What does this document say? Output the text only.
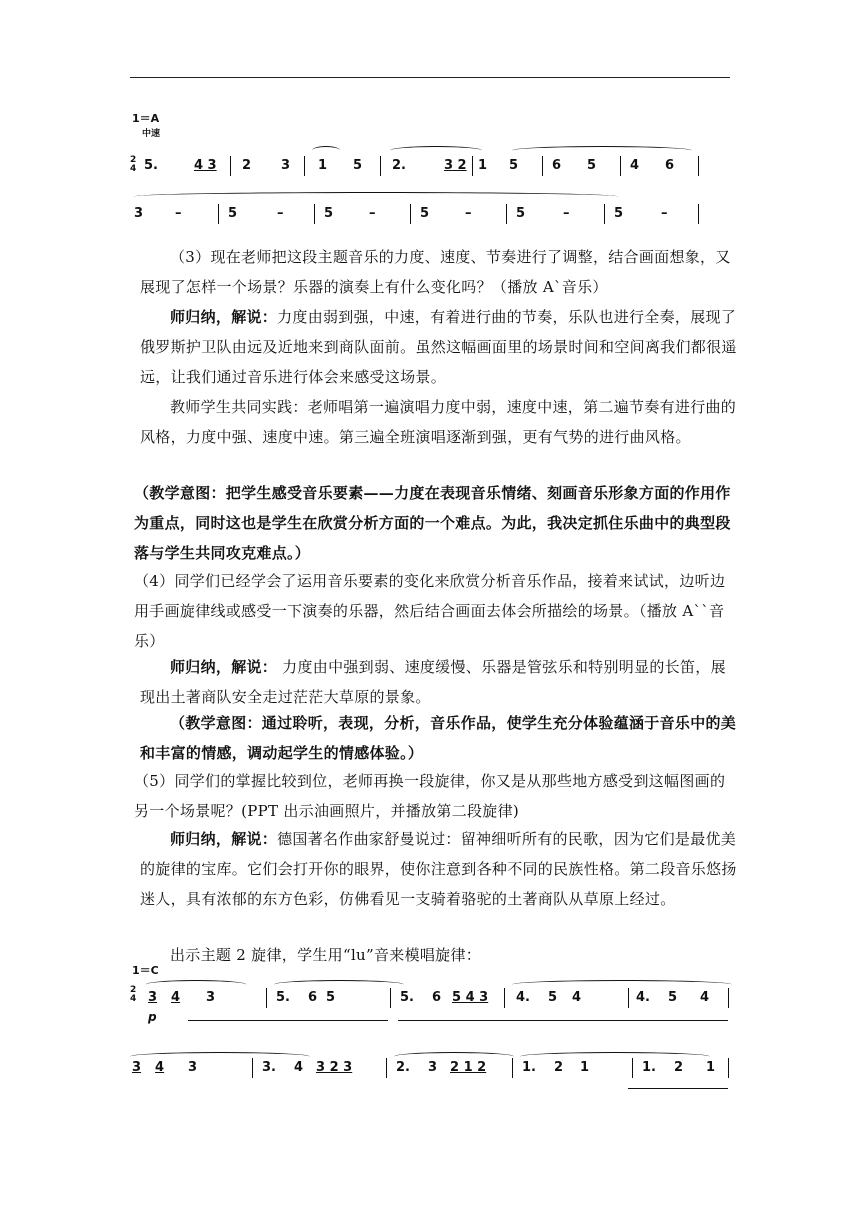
1＝A
中速
2
4 5.	4 3 2 3 1 5 2.	3 2 1 5	6 5	4 6
3 –	5	–	5	–	5	–	5	–	5	–
（3）现在老师把这段主题音乐的力度、速度、节奏进行了调整，结合画面想象，又展现了怎样一个场景？乐器的演奏上有什么变化吗？（播放 A`音乐）
师归纳，解说：力度由弱到强，中速，有着进行曲的节奏，乐队也进行全奏，展现了俄罗斯护卫队由远及近地来到商队面前。虽然这幅画面里的场景时间和空间离我们都很遥远，让我们通过音乐进行体会来感受这场景。
教师学生共同实践：老师唱第一遍演唱力度中弱，速度中速，第二遍节奏有进行曲的风格，力度中强、速度中速。第三遍全班演唱逐渐到强，更有气势的进行曲风格。
（教学意图：把学生感受音乐要素——力度在表现音乐情绪、刻画音乐形象方面的作用作为重点，同时这也是学生在欣赏分析方面的一个难点。为此，我决定抓住乐曲中的典型段落与学生共同攻克难点。）
（4）同学们已经学会了运用音乐要素的变化来欣赏分析音乐作品，接着来试试，边听边用手画旋律线或感受一下演奏的乐器，然后结合画面去体会所描绘的场景。（播放 A``音乐）
师归纳，解说： 力度由中强到弱、速度缓慢、乐器是管弦乐和特别明显的长笛，展现出土著商队安全走过茫茫大草原的景象。
（教学意图：通过聆听，表现，分析，音乐作品，使学生充分体验蕴涵于音乐中的美和丰富的情感，调动起学生的情感体验。）
（5）同学们的掌握比较到位，老师再换一段旋律，你又是从那些地方感受到这幅图画的另一个场景呢？(PPT 出示油画照片，并播放第二段旋律)
师归纳，解说：德国著名作曲家舒曼说过：留神细听所有的民歌，因为它们是最优美的旋律的宝库。它们会打开你的眼界，使你注意到各种不同的民族性格。第二段音乐悠扬迷人，具有浓郁的东方色彩，仿佛看见一支骑着骆驼的土著商队从草原上经过。
出示主题 2 旋律，学生用“lu”音来模唱旋律：
1＝C
2
4
p
3 4 3	5. 6 5	5. 6 5 4 3 4. 5 4	4. 5 4
3 4 3	3. 4 3 2 3	2. 3 2 1 2	1. 2 1	1. 2 1
